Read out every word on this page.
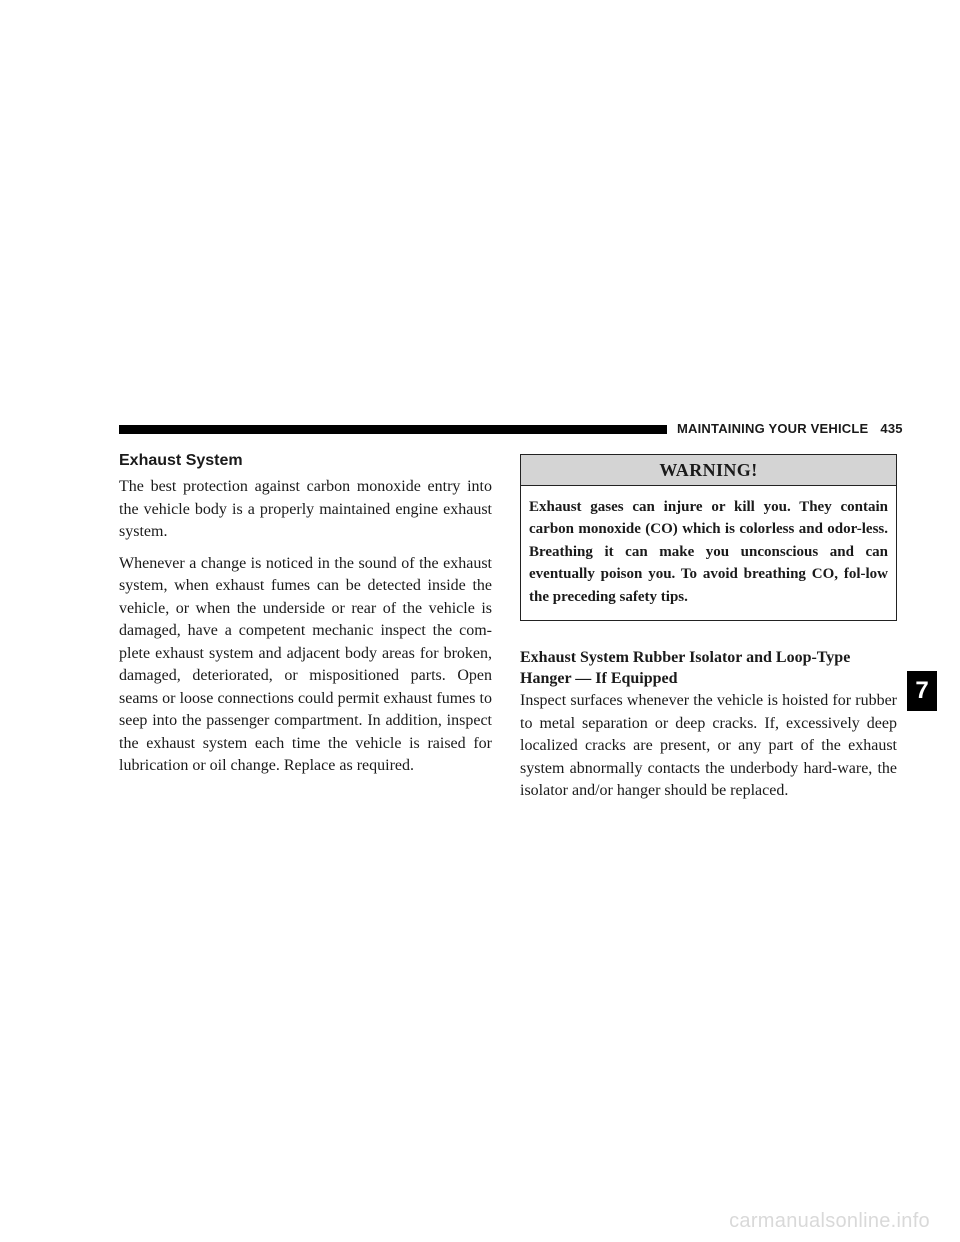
MAINTAINING YOUR VEHICLE 435
Exhaust System

The best protection against carbon monoxide entry into the vehicle body is a properly maintained engine exhaust system.

Whenever a change is noticed in the sound of the exhaust system, when exhaust fumes can be detected inside the vehicle, or when the underside or rear of the vehicle is damaged, have a competent mechanic inspect the com-plete exhaust system and adjacent body areas for broken, damaged, deteriorated, or mispositioned parts. Open seams or loose connections could permit exhaust fumes to seep into the passenger compartment. In addition, inspect the exhaust system each time the vehicle is raised for lubrication or oil change. Replace as required.

WARNING!
Exhaust gases can injure or kill you. They contain carbon monoxide (CO) which is colorless and odor-less. Breathing it can make you unconscious and can eventually poison you. To avoid breathing CO, fol-low the preceding safety tips.
Exhaust System Rubber Isolator and Loop-Type
Hanger — If Equipped

Inspect surfaces whenever the vehicle is hoisted for rubber to metal separation or deep cracks. If, excessively deep localized cracks are present, or any part of the exhaust system abnormally contacts the underbody hard-ware, the isolator and/or hanger should be replaced.

7
carmanualsonline.info
